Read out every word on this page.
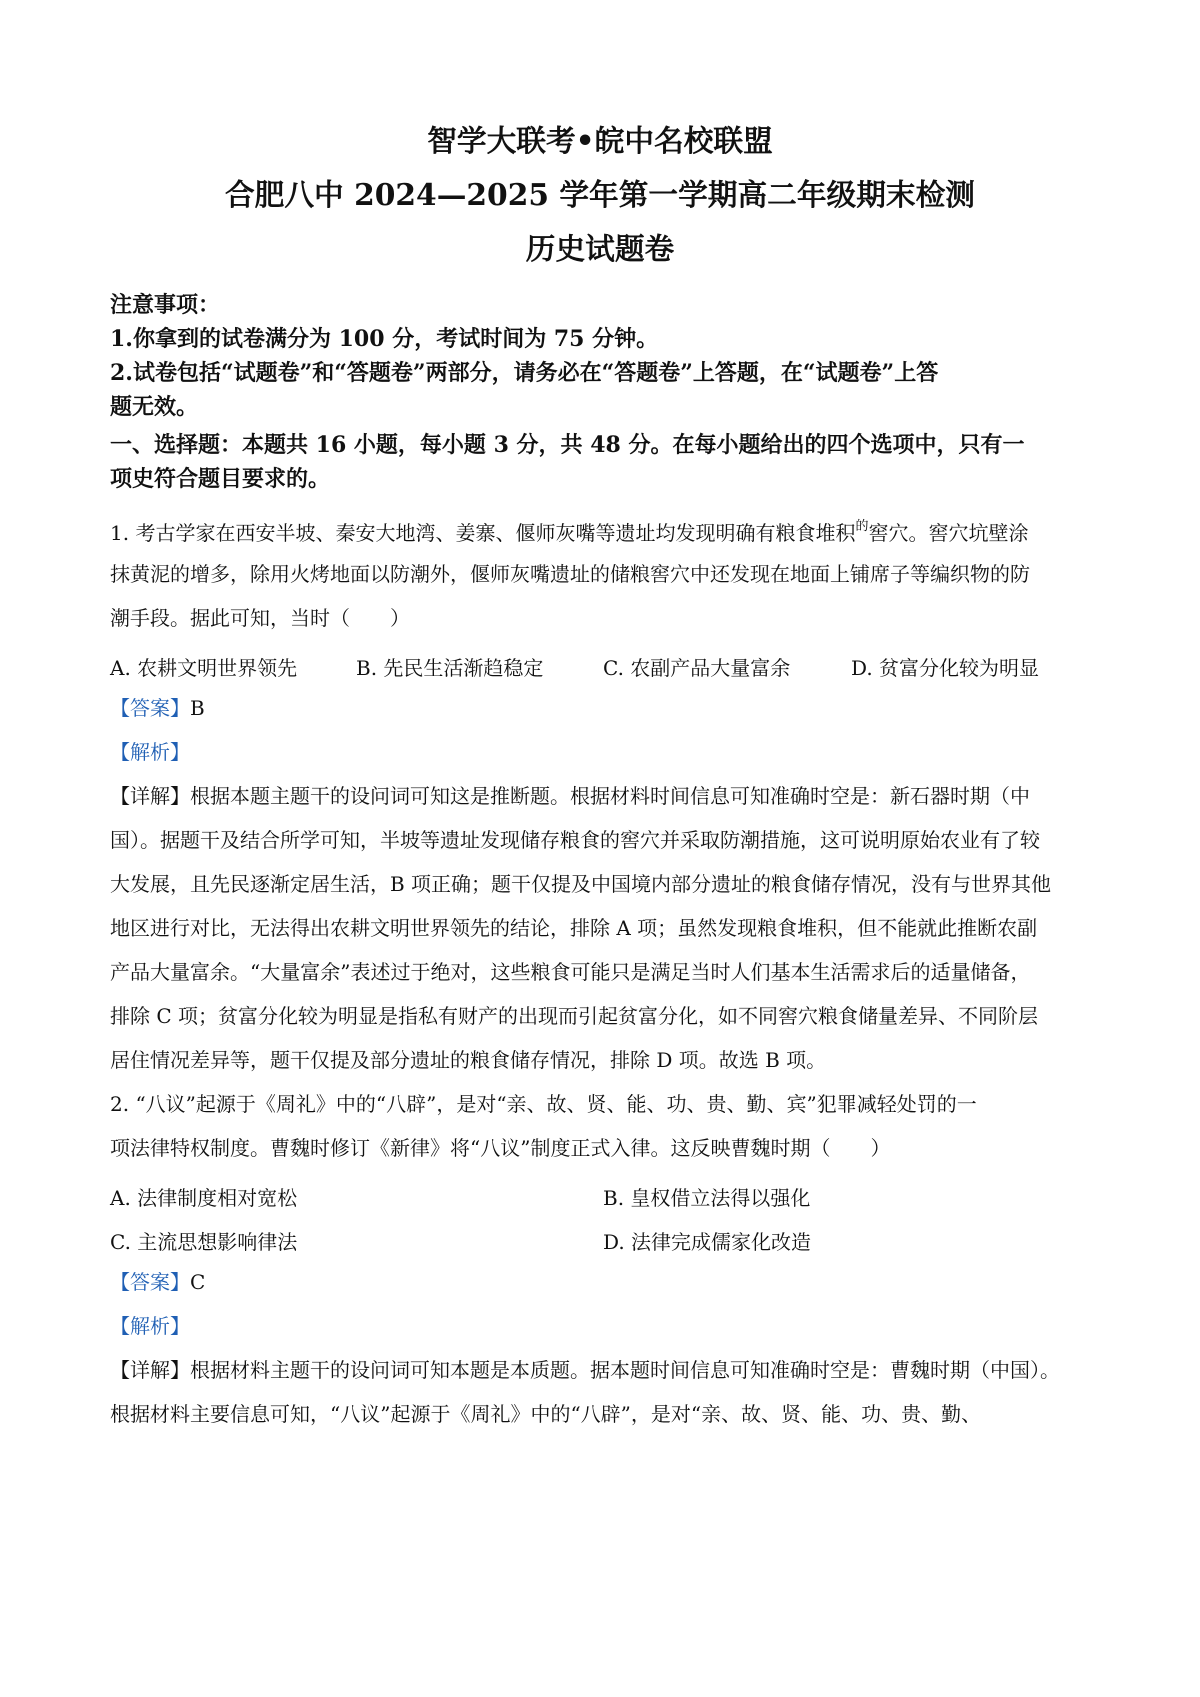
智学大联考•皖中名校联盟
合肥八中 2024—2025 学年第一学期高二年级期末检测
历史试题卷
注意事项：
1.你拿到的试卷满分为 100 分，考试时间为 75 分钟。
2.试卷包括“试题卷”和“答题卷”两部分，请务必在“答题卷”上答题，在“试题卷”上答
题无效。
一、选择题：本题共 16 小题，每小题 3 分，共 48 分。在每小题给出的四个选项中，只有一
项史符合题目要求的。
1. 考古学家在西安半坡、秦安大地湾、姜寨、偃师灰嘴等遗址均发现明确有粮食堆积$^的$窖穴。窖穴坑壁涂
抹黄泥的增多，除用火烤地面以防潮外，偃师灰嘴遗址的储粮窖穴中还发现在地面上铺席子等编织物的防
潮手段。据此可知，当时（　　）
A. 农耕文明世界领先	B. 先民生活渐趋稳定	C. 农副产品大量富余	D. 贫富分化较为明显
【答案】B
【解析】
【详解】根据本题主题干的设问词可知这是推断题。根据材料时间信息可知准确时空是：新石器时期（中
国）。据题干及结合所学可知，半坡等遗址发现储存粮食的窖穴并采取防潮措施，这可说明原始农业有了较
大发展，且先民逐渐定居生活，B 项正确；题干仅提及中国境内部分遗址的粮食储存情况，没有与世界其他
地区进行对比，无法得出农耕文明世界领先的结论，排除 A 项；虽然发现粮食堆积，但不能就此推断农副
产品大量富余。“大量富余”表述过于绝对，这些粮食可能只是满足当时人们基本生活需求后的适量储备，
排除 C 项；贫富分化较为明显是指私有财产的出现而引起贫富分化，如不同窖穴粮食储量差异、不同阶层
居住情况差异等，题干仅提及部分遗址的粮食储存情况，排除 D 项。故选 B 项。
2. “八议”起源于《周礼》中的“八辟”，是对“亲、故、贤、能、功、贵、勤、宾”犯罪减轻处罚的一
项法律特权制度。曹魏时修订《新律》将“八议”制度正式入律。这反映曹魏时期（　　）
A. 法律制度相对宽松	B. 皇权借立法得以强化
C. 主流思想影响律法	D. 法律完成儒家化改造
【答案】C
【解析】
【详解】根据材料主题干的设问词可知本题是本质题。据本题时间信息可知准确时空是：曹魏时期（中国）。
根据材料主要信息可知，“八议”起源于《周礼》中的“八辟”，是对“亲、故、贤、能、功、贵、勤、
